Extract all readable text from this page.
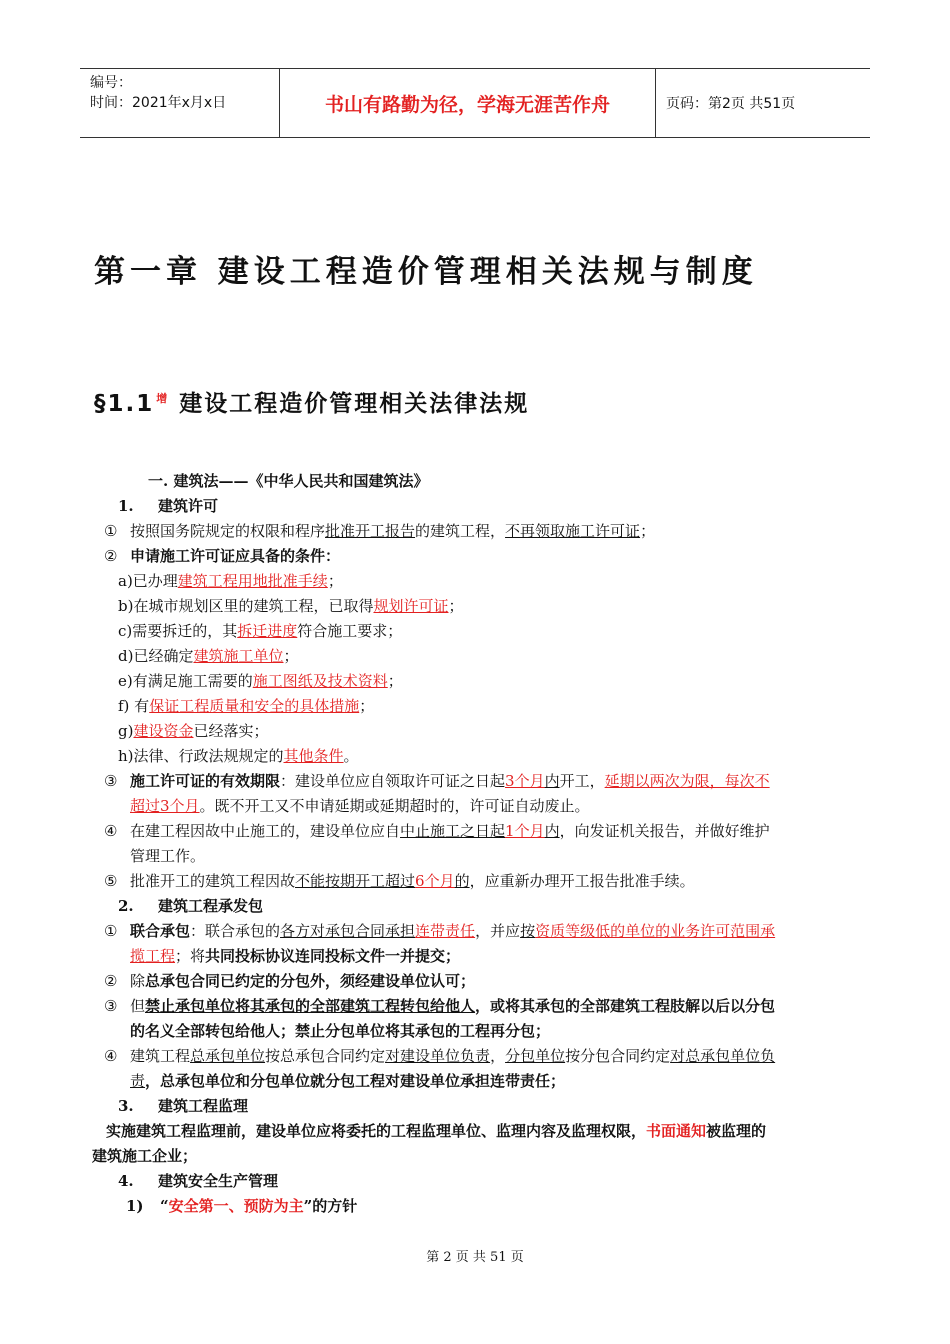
编号：
时间：2021年x月x日	书山有路勤为径，学海无涯苦作舟	页码：第2页 共51页
第一章 建设工程造价管理相关法规与制度
§1.1 $^增$ 建设工程造价管理相关法律法规
一. 建筑法——《中华人民共和国建筑法》
1. 建筑许可
① 按照国务院规定的权限和程序批准开工报告的建筑工程，不再领取施工许可证；
② 申请施工许可证应具备的条件：
a)已办理建筑工程用地批准手续；
b)在城市规划区里的建筑工程，已取得规划许可证；
c)需要拆迁的，其拆迁进度符合施工要求；
d)已经确定建筑施工单位；
e)有满足施工需要的施工图纸及技术资料；
f) 有保证工程质量和安全的具体措施；
g)建设资金已经落实；
h)法律、行政法规规定的其他条件。
③ 施工许可证的有效期限：建设单位应自领取许可证之日起3个月内开工，延期以两次为限，每次不
超过3个月。既不开工又不申请延期或延期超时的，许可证自动废止。
④ 在建工程因故中止施工的，建设单位应自中止施工之日起1个月内，向发证机关报告，并做好维护
管理工作。
⑤ 批准开工的建筑工程因故不能按期开工超过6个月的，应重新办理开工报告批准手续。
2. 建筑工程承发包
① 联合承包：联合承包的各方对承包合同承担连带责任，并应按资质等级低的单位的业务许可范围承
揽工程；将共同投标协议连同投标文件一并提交；
② 除总承包合同已约定的分包外，须经建设单位认可；
③ 但禁止承包单位将其承包的全部建筑工程转包给他人，或将其承包的全部建筑工程肢解以后以分包
的名义全部转包给他人；禁止分包单位将其承包的工程再分包；
④ 建筑工程总承包单位按总承包合同约定对建设单位负责，分包单位按分包合同约定对总承包单位负
责，总承包单位和分包单位就分包工程对建设单位承担连带责任；
3. 建筑工程监理
实施建筑工程监理前，建设单位应将委托的工程监理单位、监理内容及监理权限，书面通知被监理的
建筑施工企业；
4. 建筑安全生产管理
1) “安全第一、预防为主”的方针
第 2 页 共 51 页
